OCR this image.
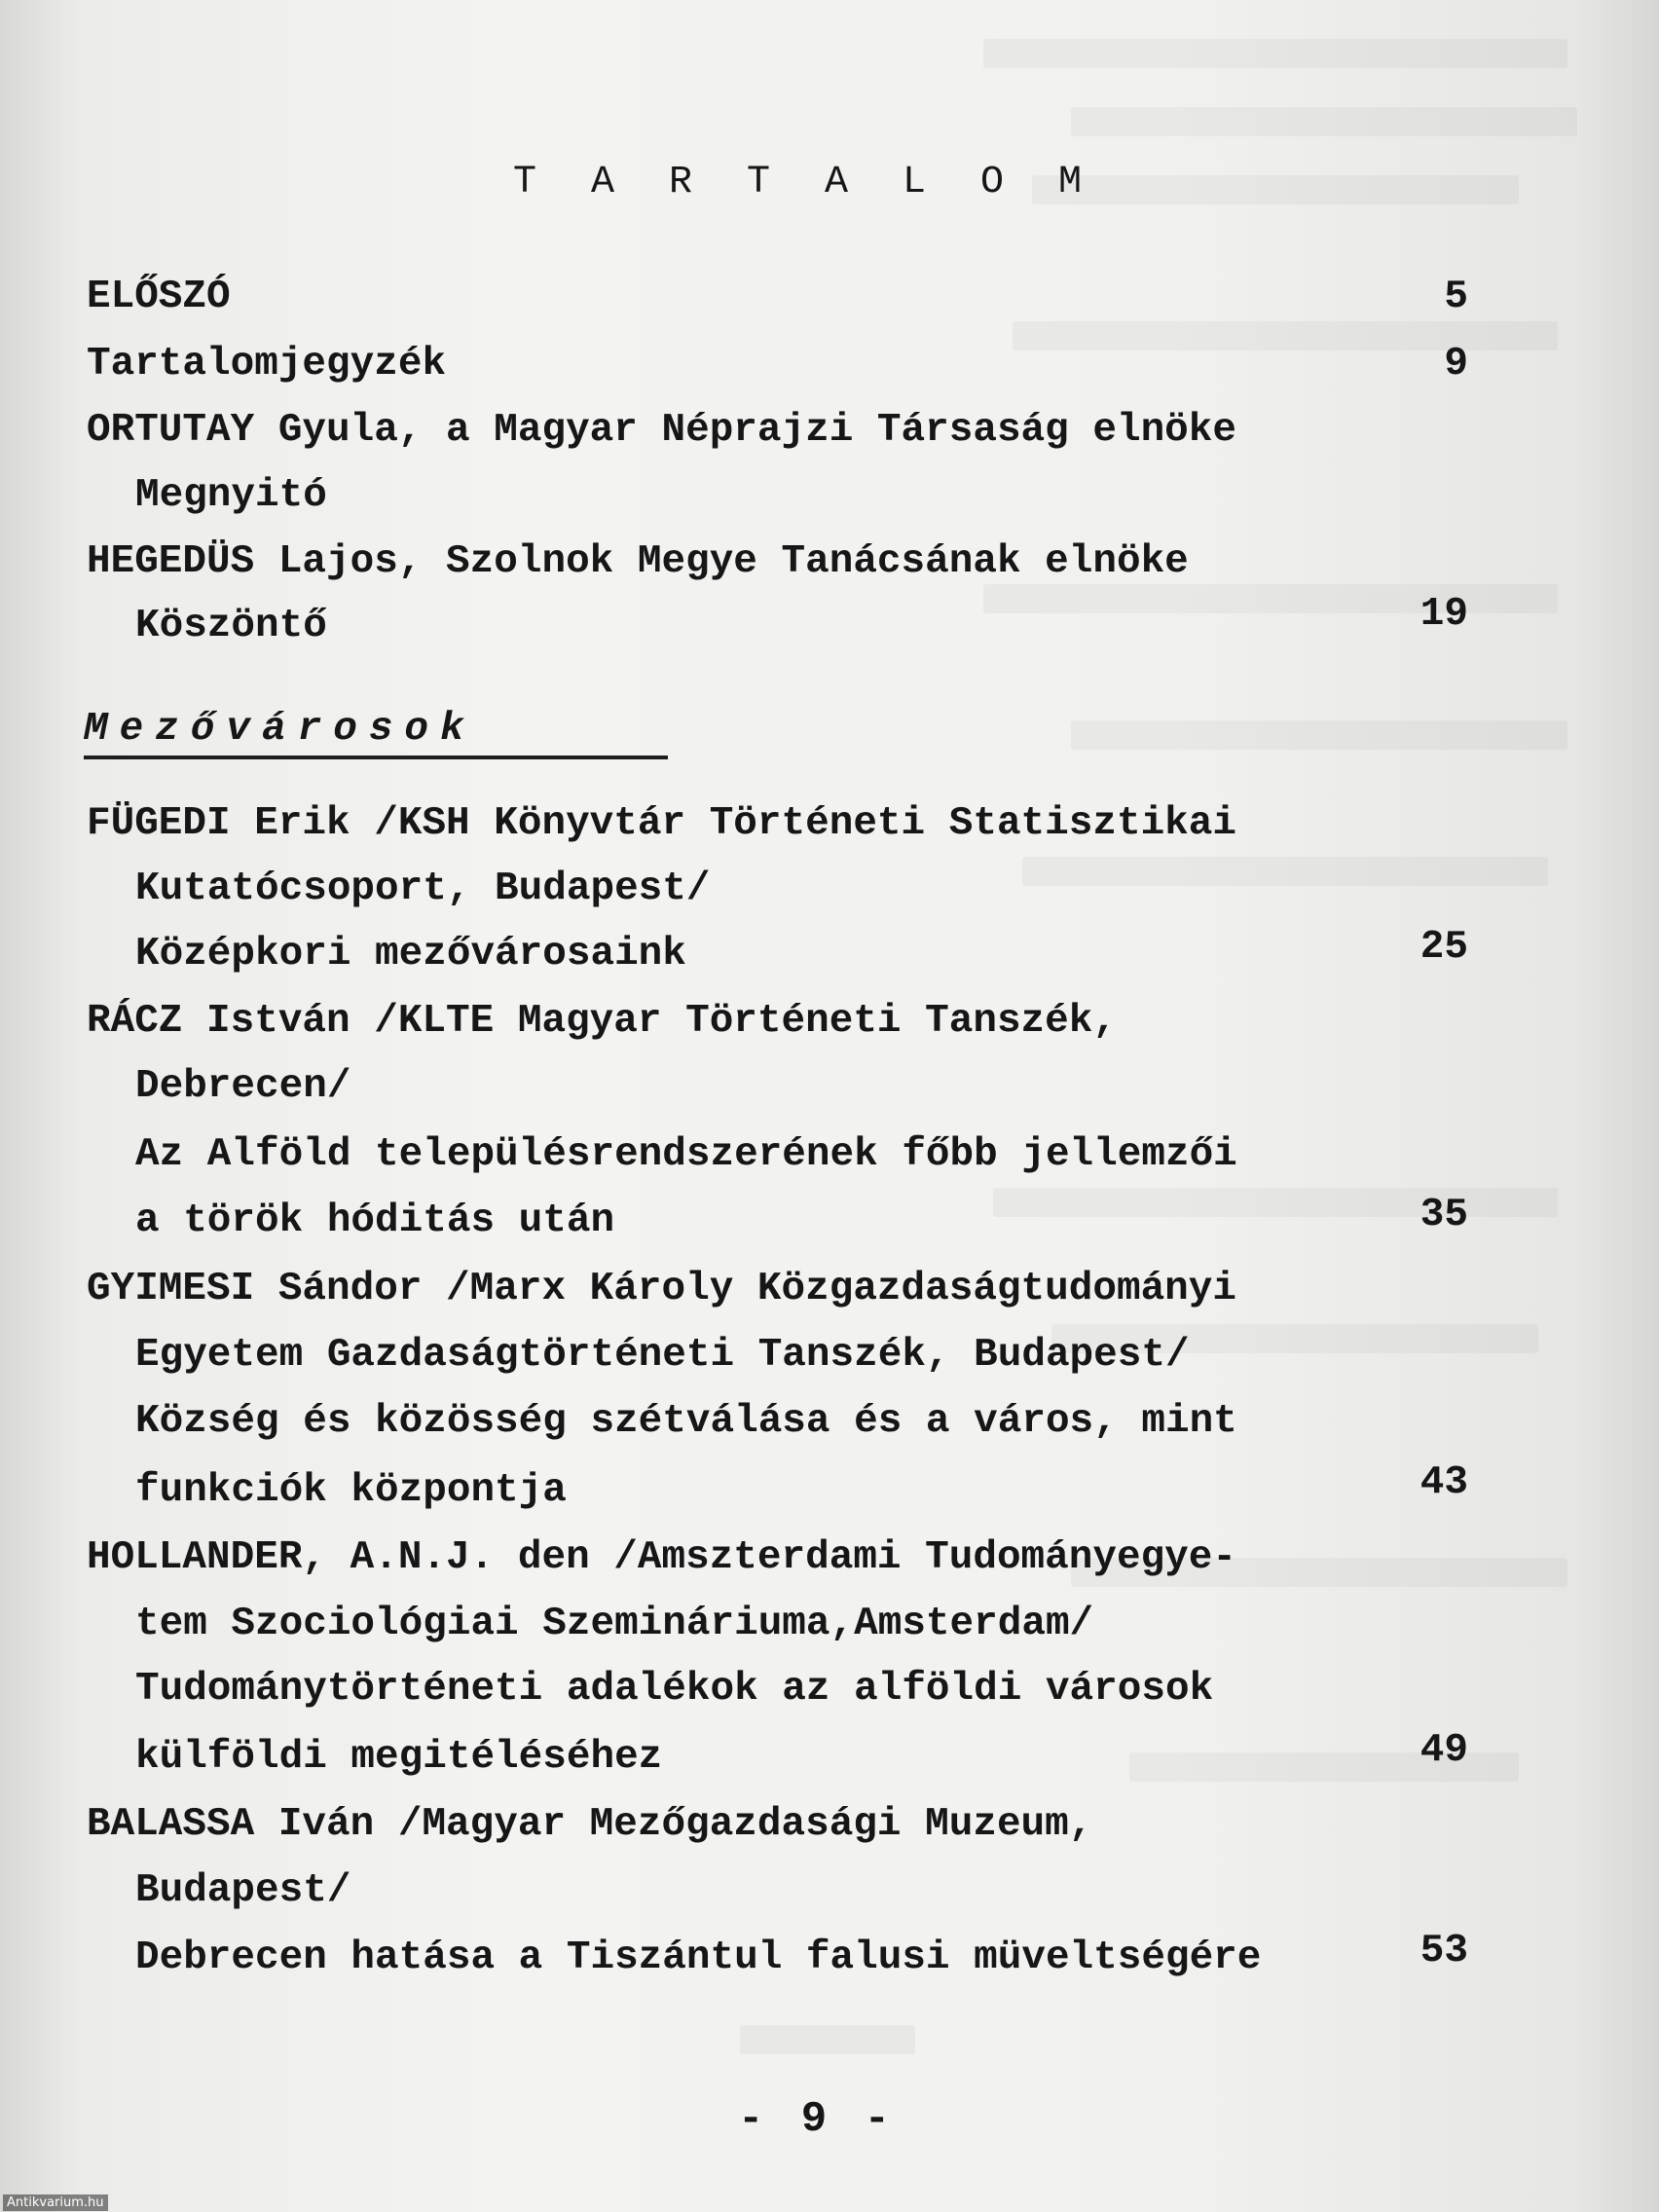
T A R T A L O M
ELŐSZÓ	5
Tartalomjegyzék	9
ORTUTAY Gyula, a Magyar Néprajzi Társaság elnöke
Megnyitó
HEGEDÜS Lajos, Szolnok Megye Tanácsának elnöke
Köszöntő	19
Mezővárosok
FÜGEDI Erik /KSH Könyvtár Történeti Statisztikai
Kutatócsoport, Budapest/
Középkori mezővárosaink	25
RÁCZ István /KLTE Magyar Történeti Tanszék,
Debrecen/
Az Alföld településrendszerének főbb jellemzői
a török hóditás után	35
GYIMESI Sándor /Marx Károly Közgazdaságtudományi
Egyetem Gazdaságtörténeti Tanszék, Budapest/
Község és közösség szétválása és a város, mint
funkciók központja	43
HOLLANDER, A.N.J. den /Amszterdami Tudományegye-
tem Szociológiai Szemináriuma,Amsterdam/
Tudománytörténeti adalékok az alföldi városok
külföldi megitéléséhez	49
BALASSA Iván /Magyar Mezőgazdasági Muzeum,
Budapest/
Debrecen hatása a Tiszántul falusi müveltségére	53
- 9 -
Antikvarium.hu
